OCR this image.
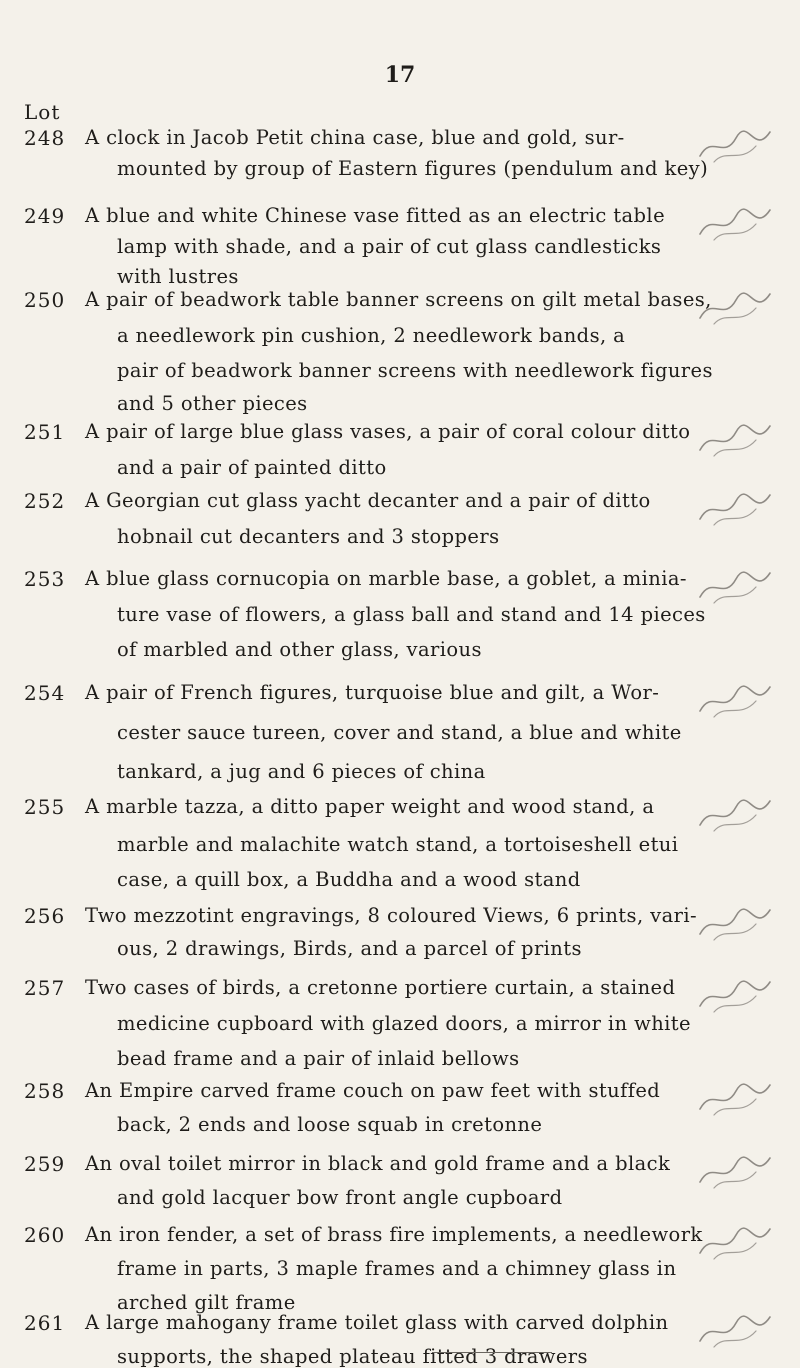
17
Lot
248 A clock in Jacob Petit china case, blue and gold, sur-
mounted by group of Eastern figures (pendulum and key)
249 A blue and white Chinese vase fitted as an electric table
lamp with shade, and a pair of cut glass candlesticks
with lustres
250 A pair of beadwork table banner screens on gilt metal bases,
a needlework pin cushion, 2 needlework bands, a
pair of beadwork banner screens with needlework figures
and 5 other pieces
251 A pair of large blue glass vases, a pair of coral colour ditto
and a pair of painted ditto
252 A Georgian cut glass yacht decanter and a pair of ditto
hobnail cut decanters and 3 stoppers
253 A blue glass cornucopia on marble base, a goblet, a minia-
ture vase of flowers, a glass ball and stand and 14 pieces
of marbled and other glass, various
254 A pair of French figures, turquoise blue and gilt, a Wor-
cester sauce tureen, cover and stand, a blue and white
tankard, a jug and 6 pieces of china
255 A marble tazza, a ditto paper weight and wood stand, a
marble and malachite watch stand, a tortoiseshell etui
case, a quill box, a Buddha and a wood stand
256 Two mezzotint engravings, 8 coloured Views, 6 prints, vari-
ous, 2 drawings, Birds, and a parcel of prints
257 Two cases of birds, a cretonne portiere curtain, a stained
medicine cupboard with glazed doors, a mirror in white
bead frame and a pair of inlaid bellows
258 An Empire carved frame couch on paw feet with stuffed
back, 2 ends and loose squab in cretonne
259 An oval toilet mirror in black and gold frame and a black
and gold lacquer bow front angle cupboard
260 An iron fender, a set of brass fire implements, a needlework
frame in parts, 3 maple frames and a chimney glass in
arched gilt frame
261 A large mahogany frame toilet glass with carved dolphin
supports, the shaped plateau fitted 3 drawers
